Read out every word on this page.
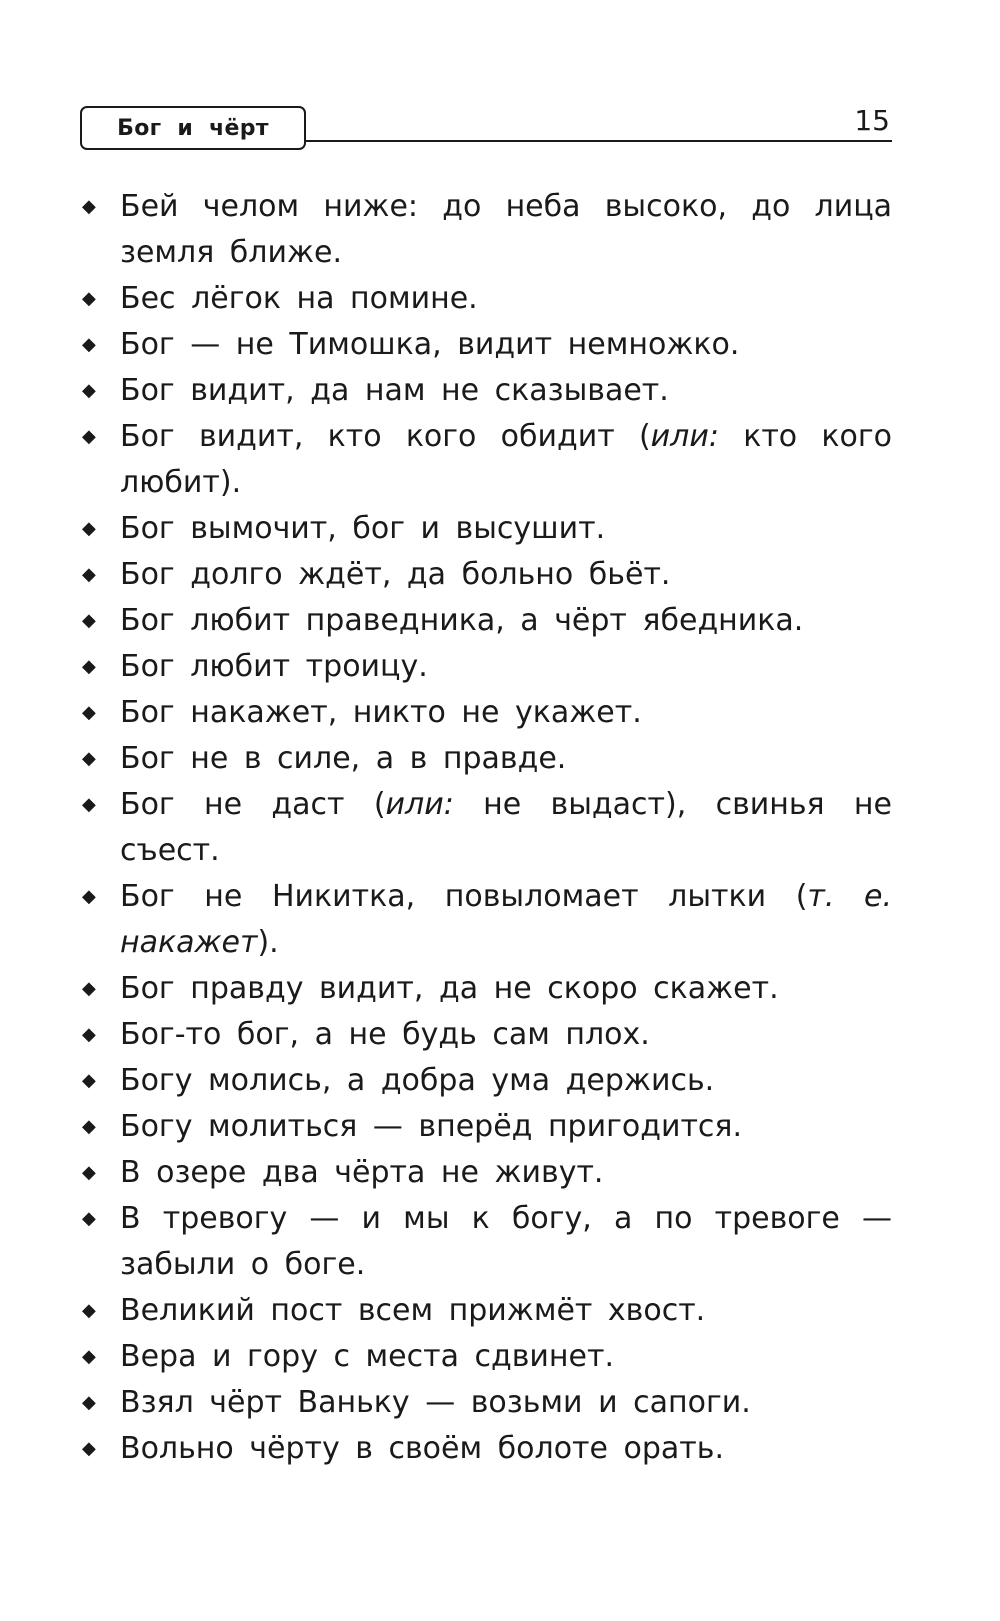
Бог и чёрт	15
◆ Бей челом ниже: до неба высоко, до лица земля ближе.
◆ Бес лёгок на помине.
◆ Бог — не Тимошка, видит немножко.
◆ Бог видит, да нам не сказывает.
◆ Бог видит, кто кого обидит (или: кто кого любит).
◆ Бог вымочит, бог и высушит.
◆ Бог долго ждёт, да больно бьёт.
◆ Бог любит праведника, а чёрт ябедника.
◆ Бог любит троицу.
◆ Бог накажет, никто не укажет.
◆ Бог не в силе, а в правде.
◆ Бог не даст (или: не выдаст), свинья не съест.
◆ Бог не Никитка, повыломает лытки (т. е. накажет).
◆ Бог правду видит, да не скоро скажет.
◆ Бог-то бог, а не будь сам плох.
◆ Богу молись, а добра ума держись.
◆ Богу молиться — вперёд пригодится.
◆ В озере два чёрта не живут.
◆ В тревогу — и мы к богу, а по тревоге — забыли о боге.
◆ Великий пост всем прижмёт хвост.
◆ Вера и гору с места сдвинет.
◆ Взял чёрт Ваньку — возьми и сапоги.
◆ Вольно чёрту в своём болоте орать.
